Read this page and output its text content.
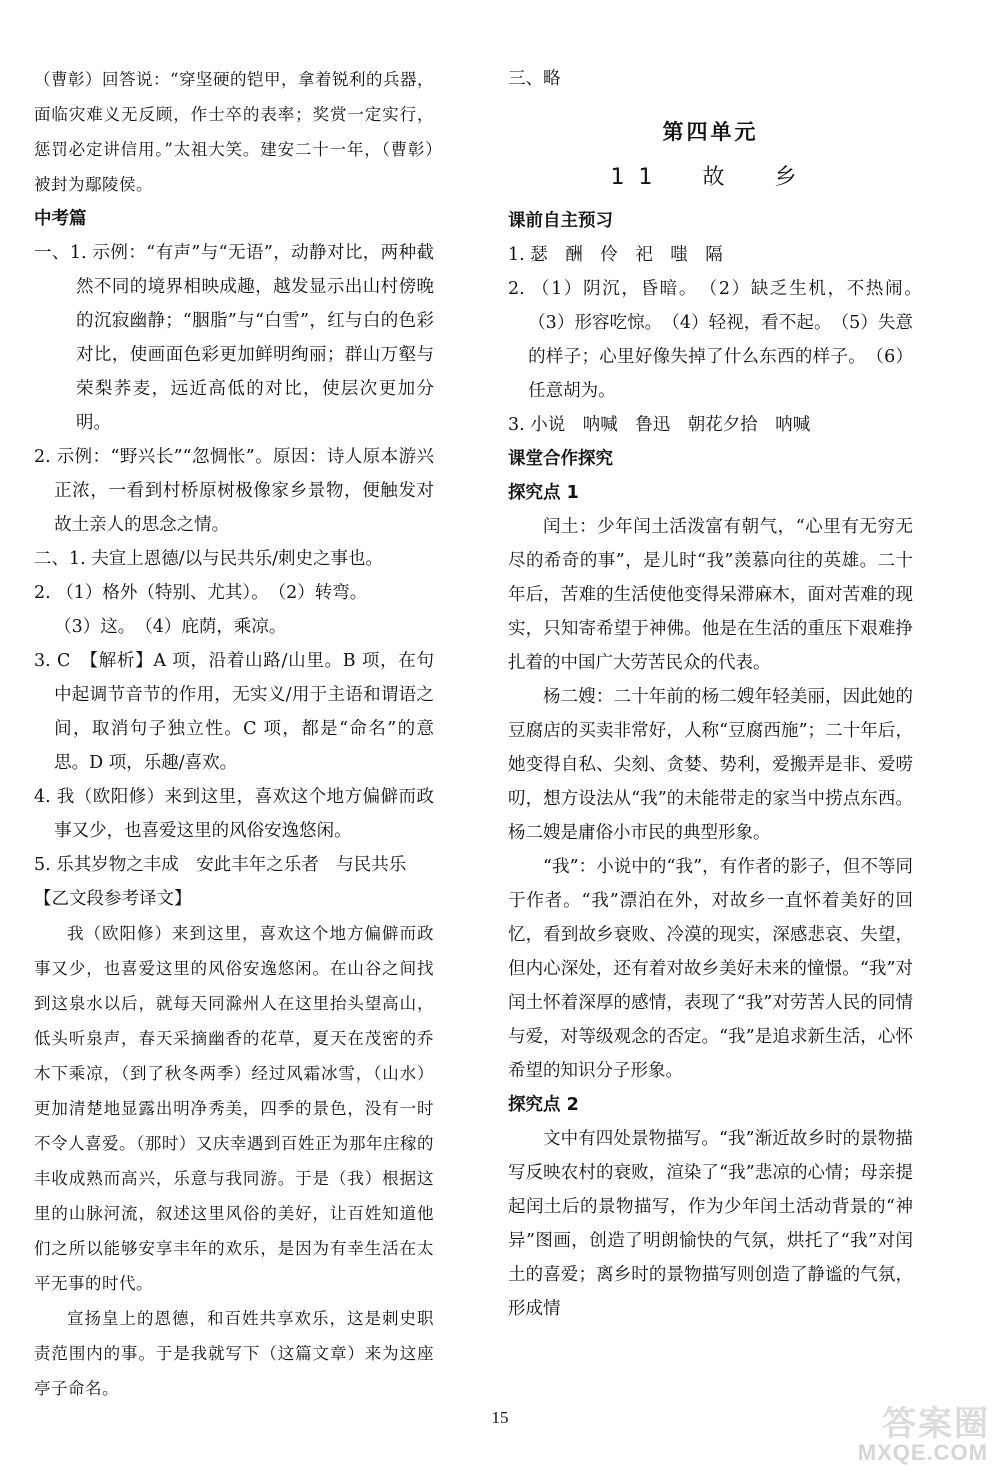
（曹彰）回答说：“穿坚硬的铠甲，拿着锐利的兵器，面临灾难义无反顾，作士卒的表率；奖赏一定实行，惩罚必定讲信用。”太祖大笑。建安二十一年，（曹彰）被封为鄢陵侯。

中考篇

一、1. 示例：“有声”与“无语”，动静对比，两种截然不同的境界相映成趣，越发显示出山村傍晚的沉寂幽静；“胭脂”与“白雪”，红与白的色彩对比，使画面色彩更加鲜明绚丽；群山万壑与荣梨荞麦，远近高低的对比，使层次更加分明。

2. 示例：“野兴长”“忽惆怅”。原因：诗人原本游兴正浓，一看到村桥原树极像家乡景物，便触发对故土亲人的思念之情。

二、1. 夫宣上恩德/以与民共乐/刺史之事也。

2. （1）格外（特别、尤其）。　（2）转弯。

（3）这。　（4）庇荫，乘凉。

3. C　【解析】A 项，沿着山路/山里。B 项，在句中起调节音节的作用，无实义/用于主语和谓语之间，取消句子独立性。C 项，都是“命名”的意思。D 项，乐趣/喜欢。

4. 我（欧阳修）来到这里，喜欢这个地方偏僻而政事又少，也喜爱这里的风俗安逸悠闲。

5. 乐其岁物之丰成　安此丰年之乐者　与民共乐

【乙文段参考译文】

我（欧阳修）来到这里，喜欢这个地方偏僻而政事又少，也喜爱这里的风俗安逸悠闲。在山谷之间找到这泉水以后，就每天同滁州人在这里抬头望高山，低头听泉声，春天采摘幽香的花草，夏天在茂密的乔木下乘凉，（到了秋冬两季）经过风霜冰雪，（山水）更加清楚地显露出明净秀美，四季的景色，没有一时不令人喜爱。（那时）又庆幸遇到百姓正为那年庄稼的丰收成熟而高兴，乐意与我同游。于是（我）根据这里的山脉河流，叙述这里风俗的美好，让百姓知道他们之所以能够安享丰年的欢乐，是因为有幸生活在太平无事的时代。

宣扬皇上的恩德，和百姓共享欢乐，这是刺史职责范围内的事。于是我就写下（这篇文章）来为这座亭子命名。

三、略

第四单元
11　故　乡

课前自主预习

1. 瑟　酬　伶　祀　嗤　隔

2. （1）阴沉，昏暗。　（2）缺乏生机，不热闹。　（3）形容吃惊。　（4）轻视，看不起。　（5）失意的样子；心里好像失掉了什么东西的样子。　（6）任意胡为。

3. 小说　呐喊　鲁迅　朝花夕拾　呐喊

课堂合作探究

探究点 1

闰土：少年闰土活泼富有朝气，“心里有无穷无尽的希奇的事”，是儿时“我”羡慕向往的英雄。二十年后，苦难的生活使他变得呆滞麻木，面对苦难的现实，只知寄希望于神佛。他是在生活的重压下艰难挣扎着的中国广大劳苦民众的代表。

杨二嫂：二十年前的杨二嫂年轻美丽，因此她的豆腐店的买卖非常好，人称“豆腐西施”；二十年后，她变得自私、尖刻、贪婪、势利，爱搬弄是非、爱唠叨，想方设法从“我”的未能带走的家当中捞点东西。杨二嫂是庸俗小市民的典型形象。

“我”：小说中的“我”，有作者的影子，但不等同于作者。“我”漂泊在外，对故乡一直怀着美好的回忆，看到故乡衰败、冷漠的现实，深感悲哀、失望，但内心深处，还有着对故乡美好未来的憧憬。“我”对闰土怀着深厚的感情，表现了“我”对劳苦人民的同情与爱，对等级观念的否定。“我”是追求新生活，心怀希望的知识分子形象。

探究点 2

文中有四处景物描写。“我”渐近故乡时的景物描写反映农村的衰败，渲染了“我”悲凉的心情；母亲提起闰土后的景物描写，作为少年闰土活动背景的“神异”图画，创造了明朗愉快的气氛，烘托了“我”对闰土的喜爱；离乡时的景物描写则创造了静谧的气氛，形成情

15	答案圈
MXQE.COM
